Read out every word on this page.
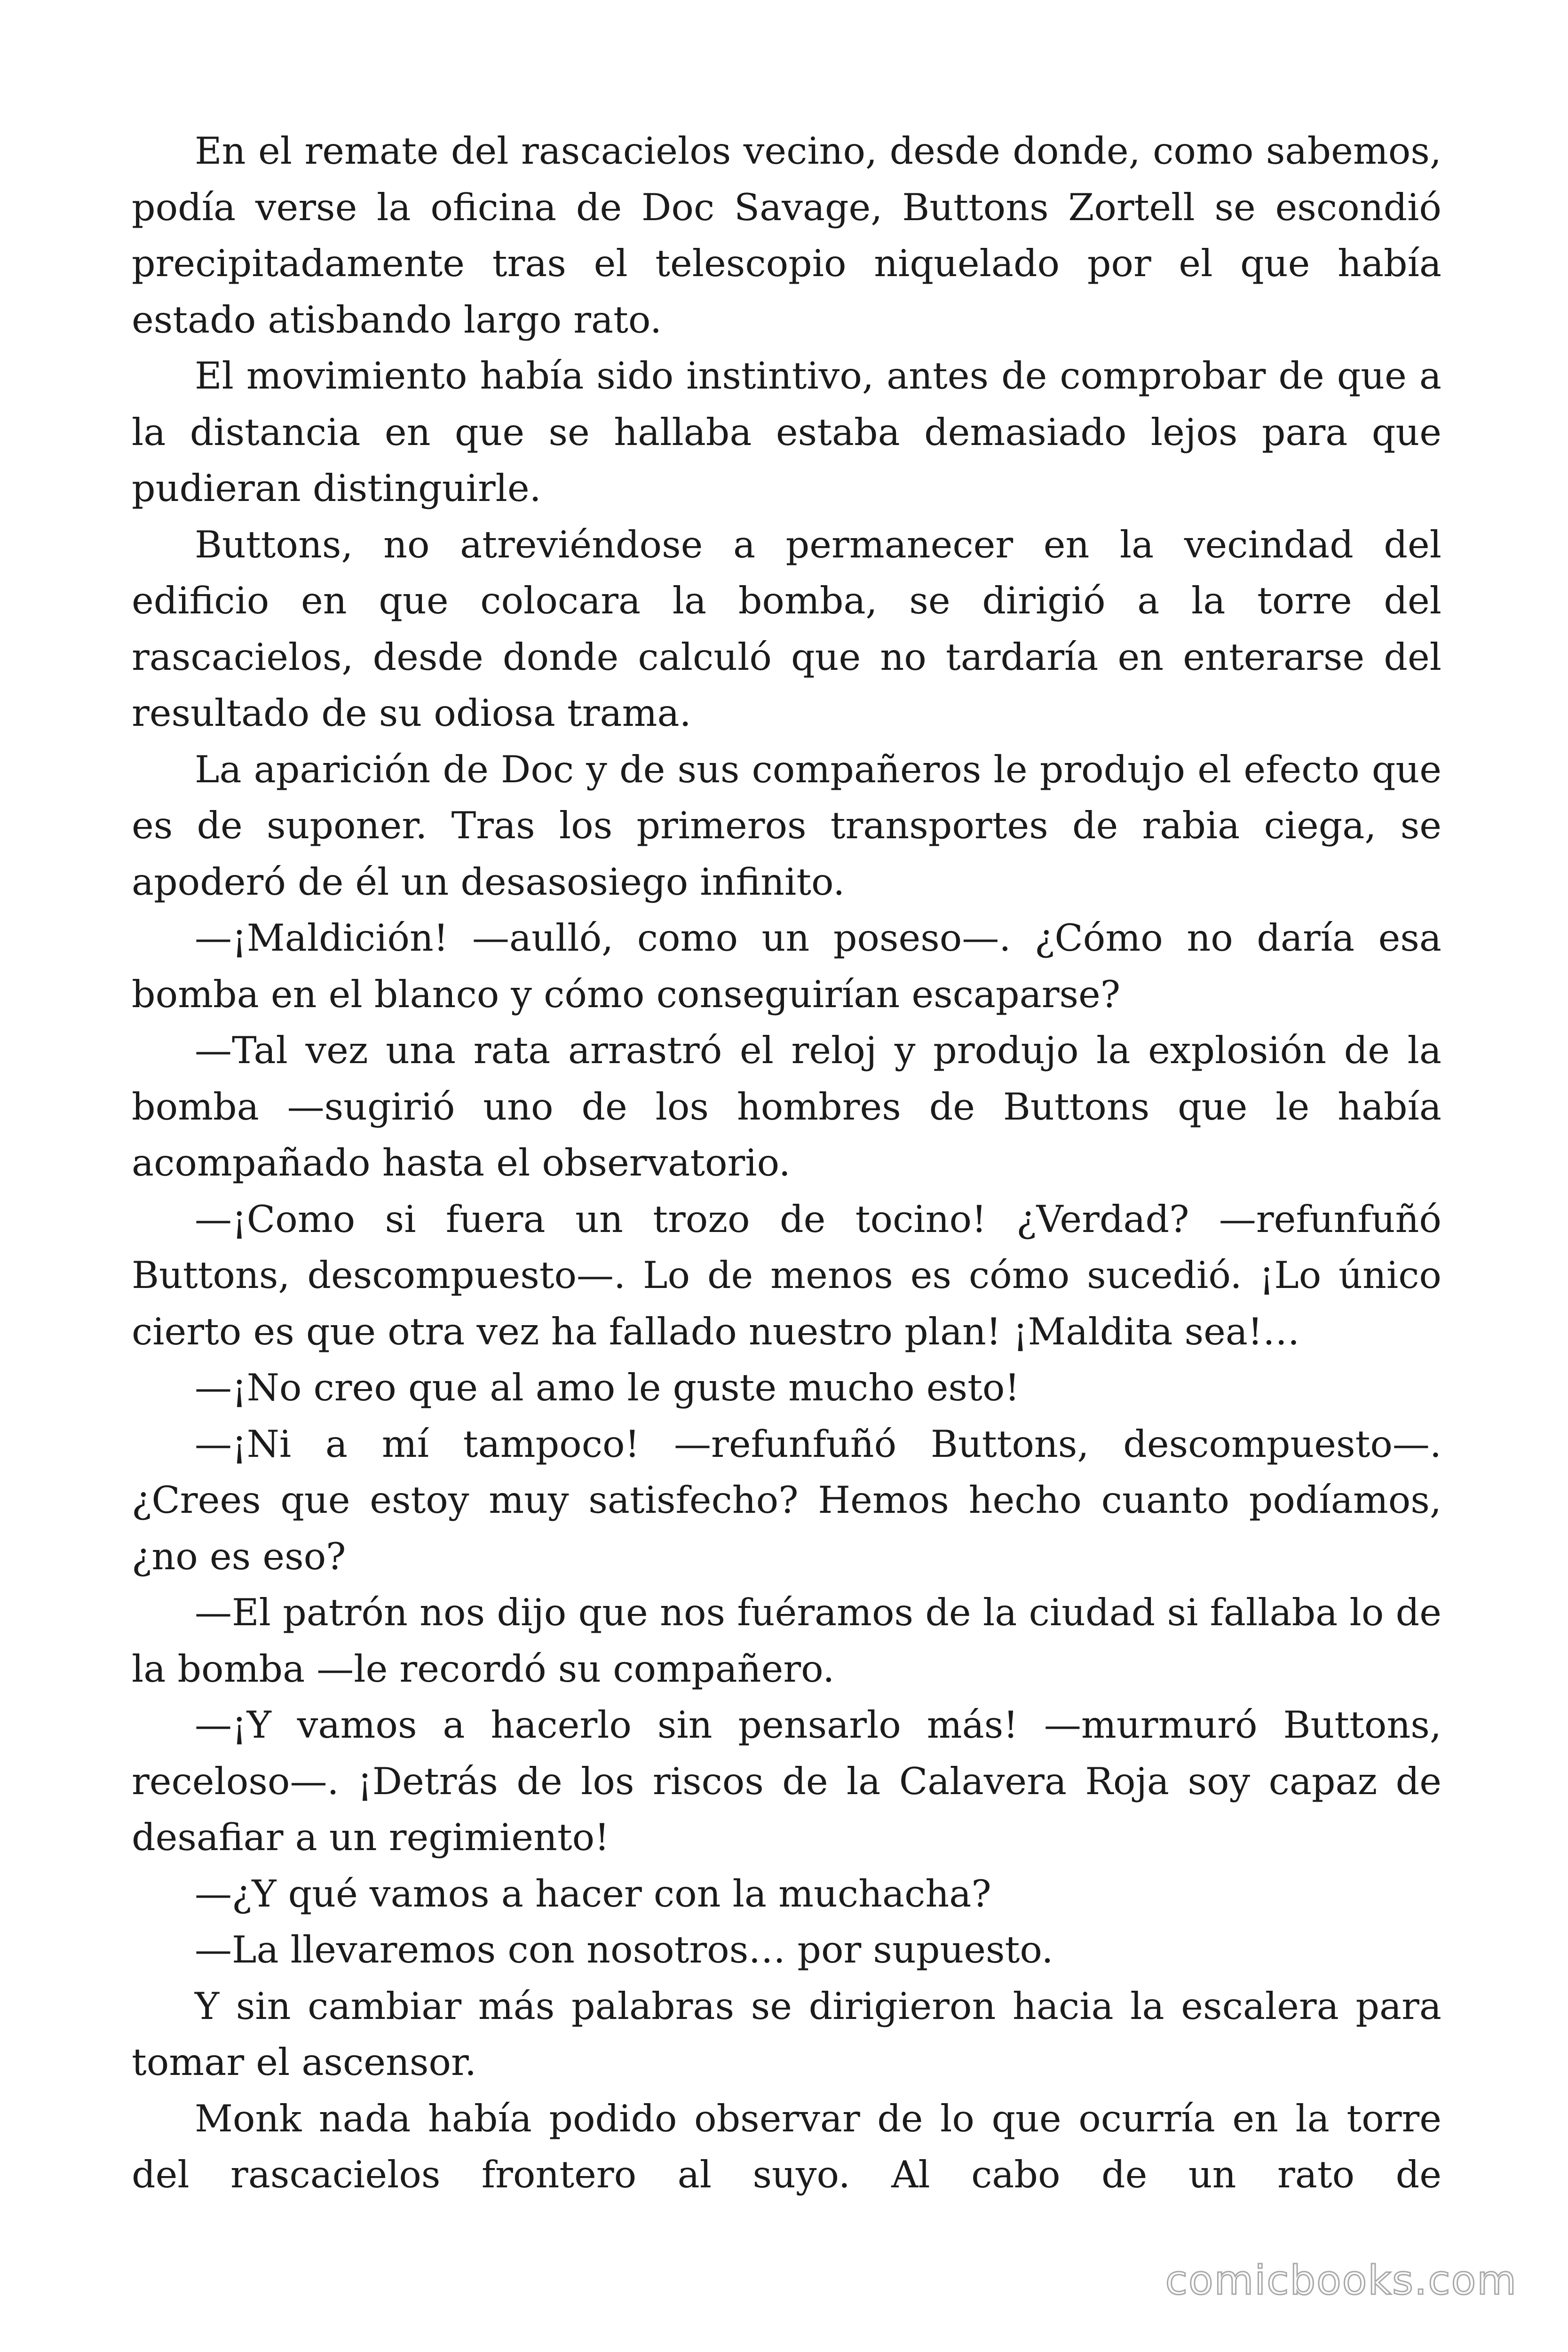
En el remate del rascacielos vecino, desde donde, como sabemos, podía verse la oficina de Doc Savage, Buttons Zortell se escondió precipitadamente tras el telescopio niquelado por el que había estado atisbando largo rato.

El movimiento había sido instintivo, antes de comprobar de que a la distancia en que se hallaba estaba demasiado lejos para que pudieran distinguirle.

Buttons, no atreviéndose a permanecer en la vecindad del edificio en que colocara la bomba, se dirigió a la torre del rascacielos, desde donde calculó que no tardaría en enterarse del resultado de su odiosa trama.

La aparición de Doc y de sus compañeros le produjo el efecto que es de suponer. Tras los primeros transportes de rabia ciega, se apoderó de él un desasosiego infinito.

—¡Maldición! —aulló, como un poseso—. ¿Cómo no daría esa bomba en el blanco y cómo conseguirían escaparse?

—Tal vez una rata arrastró el reloj y produjo la explosión de la bomba —sugirió uno de los hombres de Buttons que le había acompañado hasta el observatorio.

—¡Como si fuera un trozo de tocino! ¿Verdad? —refunfuñó Buttons, descompuesto—. Lo de menos es cómo sucedió. ¡Lo único cierto es que otra vez ha fallado nuestro plan! ¡Maldita sea!…

—¡No creo que al amo le guste mucho esto!

—¡Ni a mí tampoco! —refunfuñó Buttons, descompuesto—. ¿Crees que estoy muy satisfecho? Hemos hecho cuanto podíamos, ¿no es eso?

—El patrón nos dijo que nos fuéramos de la ciudad si fallaba lo de la bomba —le recordó su compañero.

—¡Y vamos a hacerlo sin pensarlo más! —murmuró Buttons, receloso—. ¡Detrás de los riscos de la Calavera Roja soy capaz de desafiar a un regimiento!

—¿Y qué vamos a hacer con la muchacha?

—La llevaremos con nosotros… por supuesto.

Y sin cambiar más palabras se dirigieron hacia la escalera para tomar el ascensor.

Monk nada había podido observar de lo que ocurría en la torre del rascacielos frontero al suyo. Al cabo de un rato de

comicbooks.com
